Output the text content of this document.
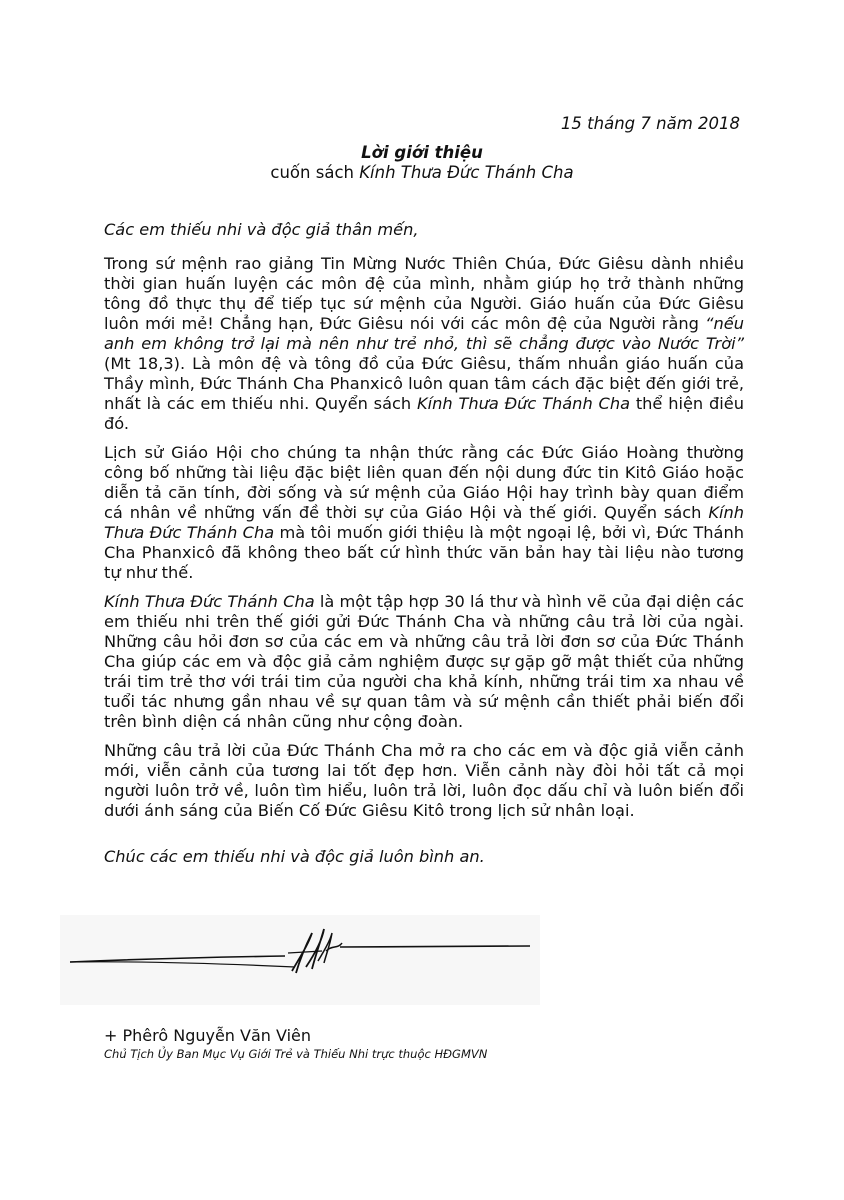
15 tháng 7 năm 2018
Lời giới thiệu
cuốn sách Kính Thưa Đức Thánh Cha

Các em thiếu nhi và độc giả thân mến,

Trong sứ mệnh rao giảng Tin Mừng Nước Thiên Chúa, Đức Giêsu dành nhiều thời gian huấn luyện các môn đệ của mình, nhằm giúp họ trở thành những tông đồ thực thụ để tiếp tục sứ mệnh của Người. Giáo huấn của Đức Giêsu luôn mới mẻ! Chẳng hạn, Đức Giêsu nói với các môn đệ của Người rằng “nếu anh em không trở lại mà nên như trẻ nhỏ, thì sẽ chẳng được vào Nước Trời” (Mt 18,3). Là môn đệ và tông đồ của Đức Giêsu, thấm nhuần giáo huấn của Thầy mình, Đức Thánh Cha Phanxicô luôn quan tâm cách đặc biệt đến giới trẻ, nhất là các em thiếu nhi. Quyển sách Kính Thưa Đức Thánh Cha thể hiện điều đó.

Lịch sử Giáo Hội cho chúng ta nhận thức rằng các Đức Giáo Hoàng thường công bố những tài liệu đặc biệt liên quan đến nội dung đức tin Kitô Giáo hoặc diễn tả căn tính, đời sống và sứ mệnh của Giáo Hội hay trình bày quan điểm cá nhân về những vấn đề thời sự của Giáo Hội và thế giới. Quyển sách Kính Thưa Đức Thánh Cha mà tôi muốn giới thiệu là một ngoại lệ, bởi vì, Đức Thánh Cha Phanxicô đã không theo bất cứ hình thức văn bản hay tài liệu nào tương tự như thế.

Kính Thưa Đức Thánh Cha là một tập hợp 30 lá thư và hình vẽ của đại diện các em thiếu nhi trên thế giới gửi Đức Thánh Cha và những câu trả lời của ngài. Những câu hỏi đơn sơ của các em và những câu trả lời đơn sơ của Đức Thánh Cha giúp các em và độc giả cảm nghiệm được sự gặp gỡ mật thiết của những trái tim trẻ thơ với trái tim của người cha khả kính, những trái tim xa nhau về tuổi tác nhưng gần nhau về sự quan tâm và sứ mệnh cần thiết phải biến đổi trên bình diện cá nhân cũng như cộng đoàn.

Những câu trả lời của Đức Thánh Cha mở ra cho các em và độc giả viễn cảnh mới, viễn cảnh của tương lai tốt đẹp hơn. Viễn cảnh này đòi hỏi tất cả mọi người luôn trở về, luôn tìm hiểu, luôn trả lời, luôn đọc dấu chỉ và luôn biến đổi dưới ánh sáng của Biến Cố Đức Giêsu Kitô trong lịch sử nhân loại.

Chúc các em thiếu nhi và độc giả luôn bình an.

+ Phêrô Nguyễn Văn Viên
Chủ Tịch Ủy Ban Mục Vụ Giới Trẻ và Thiếu Nhi trực thuộc HĐGMVN
